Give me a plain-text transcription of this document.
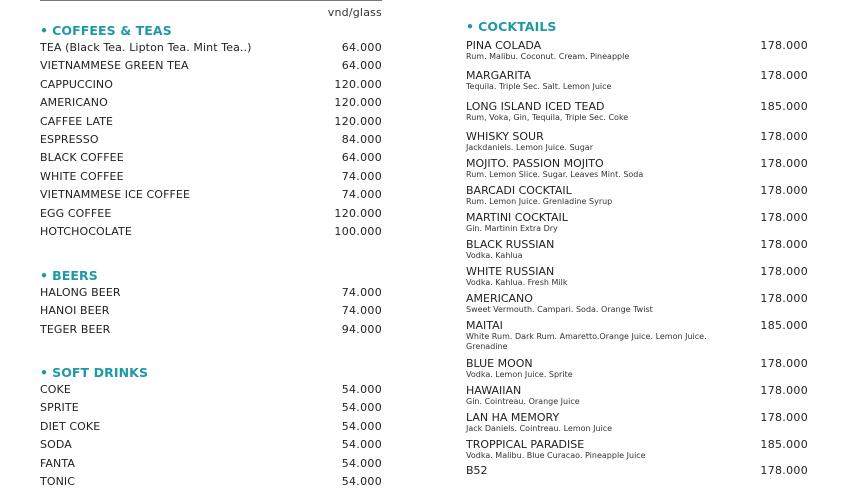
vnd/glass
• COFFEES & TEAS
TEA (Black Tea. Lipton Tea. Mint Tea..)	64.000
VIETNAMMESE GREEN TEA	64.000
CAPPUCCINO	120.000
AMERICANO	120.000
CAFFEE LATE	120.000
ESPRESSO	84.000
BLACK COFFEE	64.000
WHITE COFFEE	74.000
VIETNAMMESE ICE COFFEE	74.000
EGG COFFEE	120.000
HOTCHOCOLATE	100.000
• BEERS
HALONG BEER	74.000
HANOI BEER	74.000
TEGER BEER	94.000
• SOFT DRINKS
COKE	54.000
SPRITE	54.000
DIET COKE	54.000
SODA	54.000
FANTA	54.000
TONIC	54.000
• COCKTAILS
PINA COLADA	178.000
Rum. Malibu. Coconut. Cream. Pineapple
MARGARITA	178.000
Tequila. Triple Sec. Salt. Lemon Juice
LONG ISLAND ICED TEAD	185.000
Rum, Voka, Gin, Tequila, Triple Sec. Coke
WHISKY SOUR	178.000
Jackdaniels. Lemon Juice. Sugar
MOJITO. PASSION MOJITO	178.000
Rum. Lemon Slice. Sugar. Leaves Mint. Soda
BARCADI COCKTAIL	178.000
Rum. Lemon Juice. Grenladine Syrup
MARTINI COCKTAIL	178.000
Gin. Martinin Extra Dry
BLACK RUSSIAN	178.000
Vodka. Kahlua
WHITE RUSSIAN	178.000
Vodka. Kahlua. Fresh Milk
AMERICANO	178.000
Sweet Vermouth. Campari. Soda. Orange Twist
MAITAI	185.000
White Rum. Dark Rum. Amaretto.Orange Juice. Lemon Juice. Grenadine
BLUE MOON	178.000
Vodka. Lemon Juice. Sprite
HAWAIIAN	178.000
Gin. Cointreau. Orange Juice
LAN HA MEMORY	178.000
Jack Daniels. Cointreau. Lemon Juice
TROPPICAL PARADISE	185.000
Vodka. Malibu. Blue Curacao. Pineapple Juice
B52	178.000
